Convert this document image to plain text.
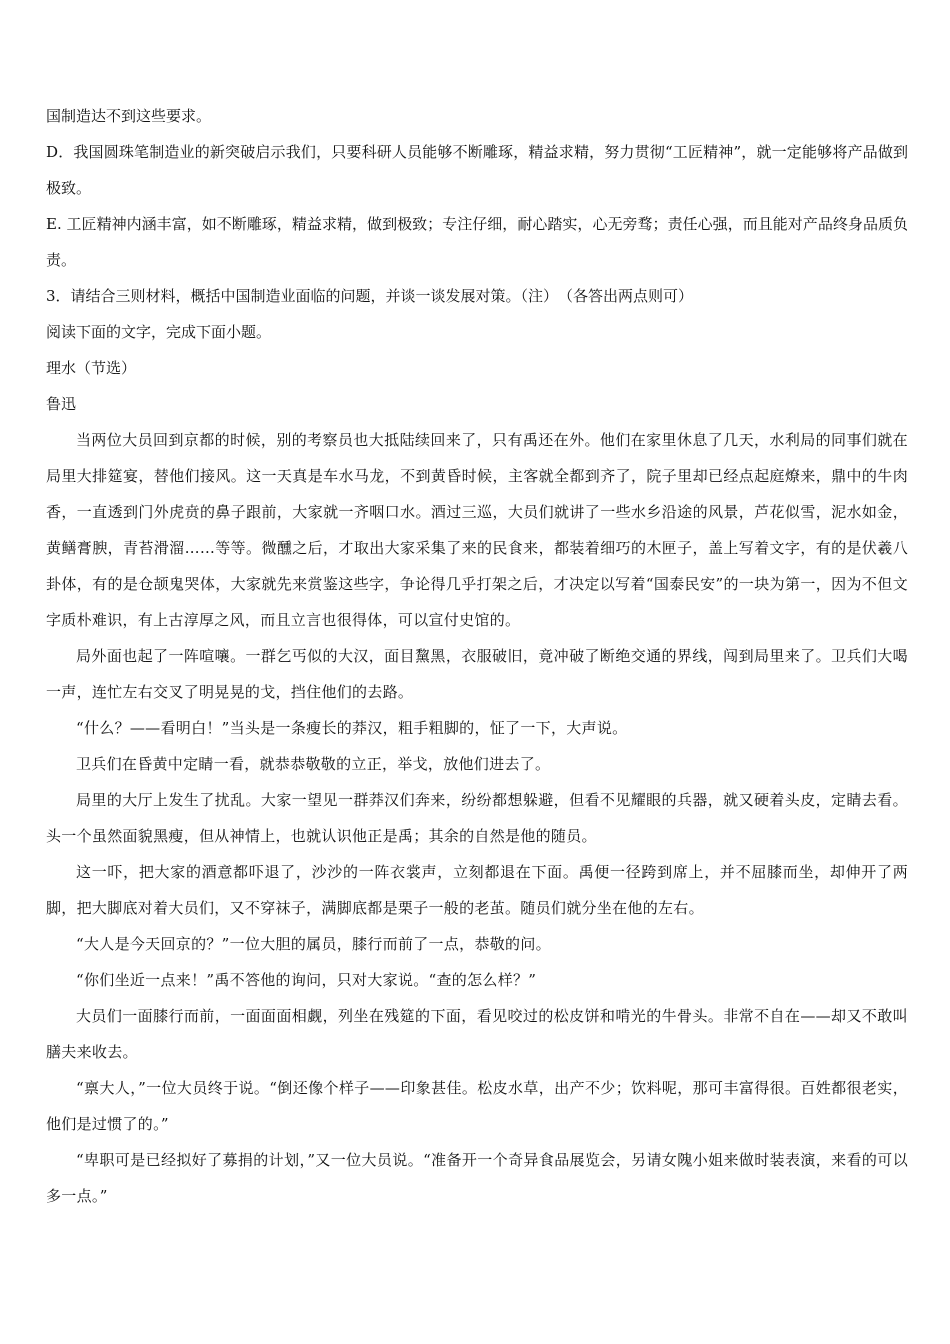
国制造达不到这些要求。

D．我国圆珠笔制造业的新突破启示我们，只要科研人员能够不断雕琢，精益求精，努力贯彻“工匠精神”，就一定能够将产品做到极致。

E. 工匠精神内涵丰富，如不断雕琢，精益求精，做到极致；专注仔细，耐心踏实，心无旁骛；责任心强，而且能对产品终身品质负责。

3．请结合三则材料，概括中国制造业面临的问题，并谈一谈发展对策。（注）　（各答出两点则可）

阅读下面的文字，完成下面小题。

理水（节选）

鲁迅

当两位大员回到京都的时候，别的考察员也大抵陆续回来了，只有禹还在外。他们在家里休息了几天，水利局的同事们就在局里大排筵宴，替他们接风。这一天真是车水马龙，不到黄昏时候，主客就全都到齐了，院子里却已经点起庭燎来，鼎中的牛肉香，一直透到门外虎贲的鼻子跟前，大家就一齐咽口水。酒过三巡，大员们就讲了一些水乡沿途的风景，芦花似雪，泥水如金，黄鳝膏腴，青苔滑溜……等等。微醺之后，才取出大家采集了来的民食来，都装着细巧的木匣子，盖上写着文字，有的是伏羲八卦体，有的是仓颉鬼哭体，大家就先来赏鉴这些字，争论得几乎打架之后，才决定以写着“国泰民安”的一块为第一，因为不但文字质朴难识，有上古淳厚之风，而且立言也很得体，可以宣付史馆的。

局外面也起了一阵喧嚷。一群乞丐似的大汉，面目黧黑，衣服破旧，竟冲破了断绝交通的界线，闯到局里来了。卫兵们大喝一声，连忙左右交叉了明晃晃的戈，挡住他们的去路。

“什么？——看明白！”当头是一条瘦长的莽汉，粗手粗脚的，怔了一下，大声说。

卫兵们在昏黄中定睛一看，就恭恭敬敬的立正，举戈，放他们进去了。

局里的大厅上发生了扰乱。大家一望见一群莽汉们奔来，纷纷都想躲避，但看不见耀眼的兵器，就又硬着头皮，定睛去看。头一个虽然面貌黑瘦，但从神情上，也就认识他正是禹；其余的自然是他的随员。

这一吓，把大家的酒意都吓退了，沙沙的一阵衣裳声，立刻都退在下面。禹便一径跨到席上，并不屈膝而坐，却伸开了两脚，把大脚底对着大员们，又不穿袜子，满脚底都是栗子一般的老茧。随员们就分坐在他的左右。

“大人是今天回京的？”一位大胆的属员，膝行而前了一点，恭敬的问。

“你们坐近一点来！”禹不答他的询问，只对大家说。“查的怎么样？”

大员们一面膝行而前，一面面面相觑，列坐在残筵的下面，看见咬过的松皮饼和啃光的牛骨头。非常不自在——却又不敢叫膳夫来收去。

“禀大人，”一位大员终于说。“倒还像个样子——印象甚佳。松皮水草，出产不少；饮料呢，那可丰富得很。百姓都很老实，他们是过惯了的。”

“卑职可是已经拟好了募捐的计划，”又一位大员说。“准备开一个奇异食品展览会，另请女隗小姐来做时装表演，来看的可以多一点。”
